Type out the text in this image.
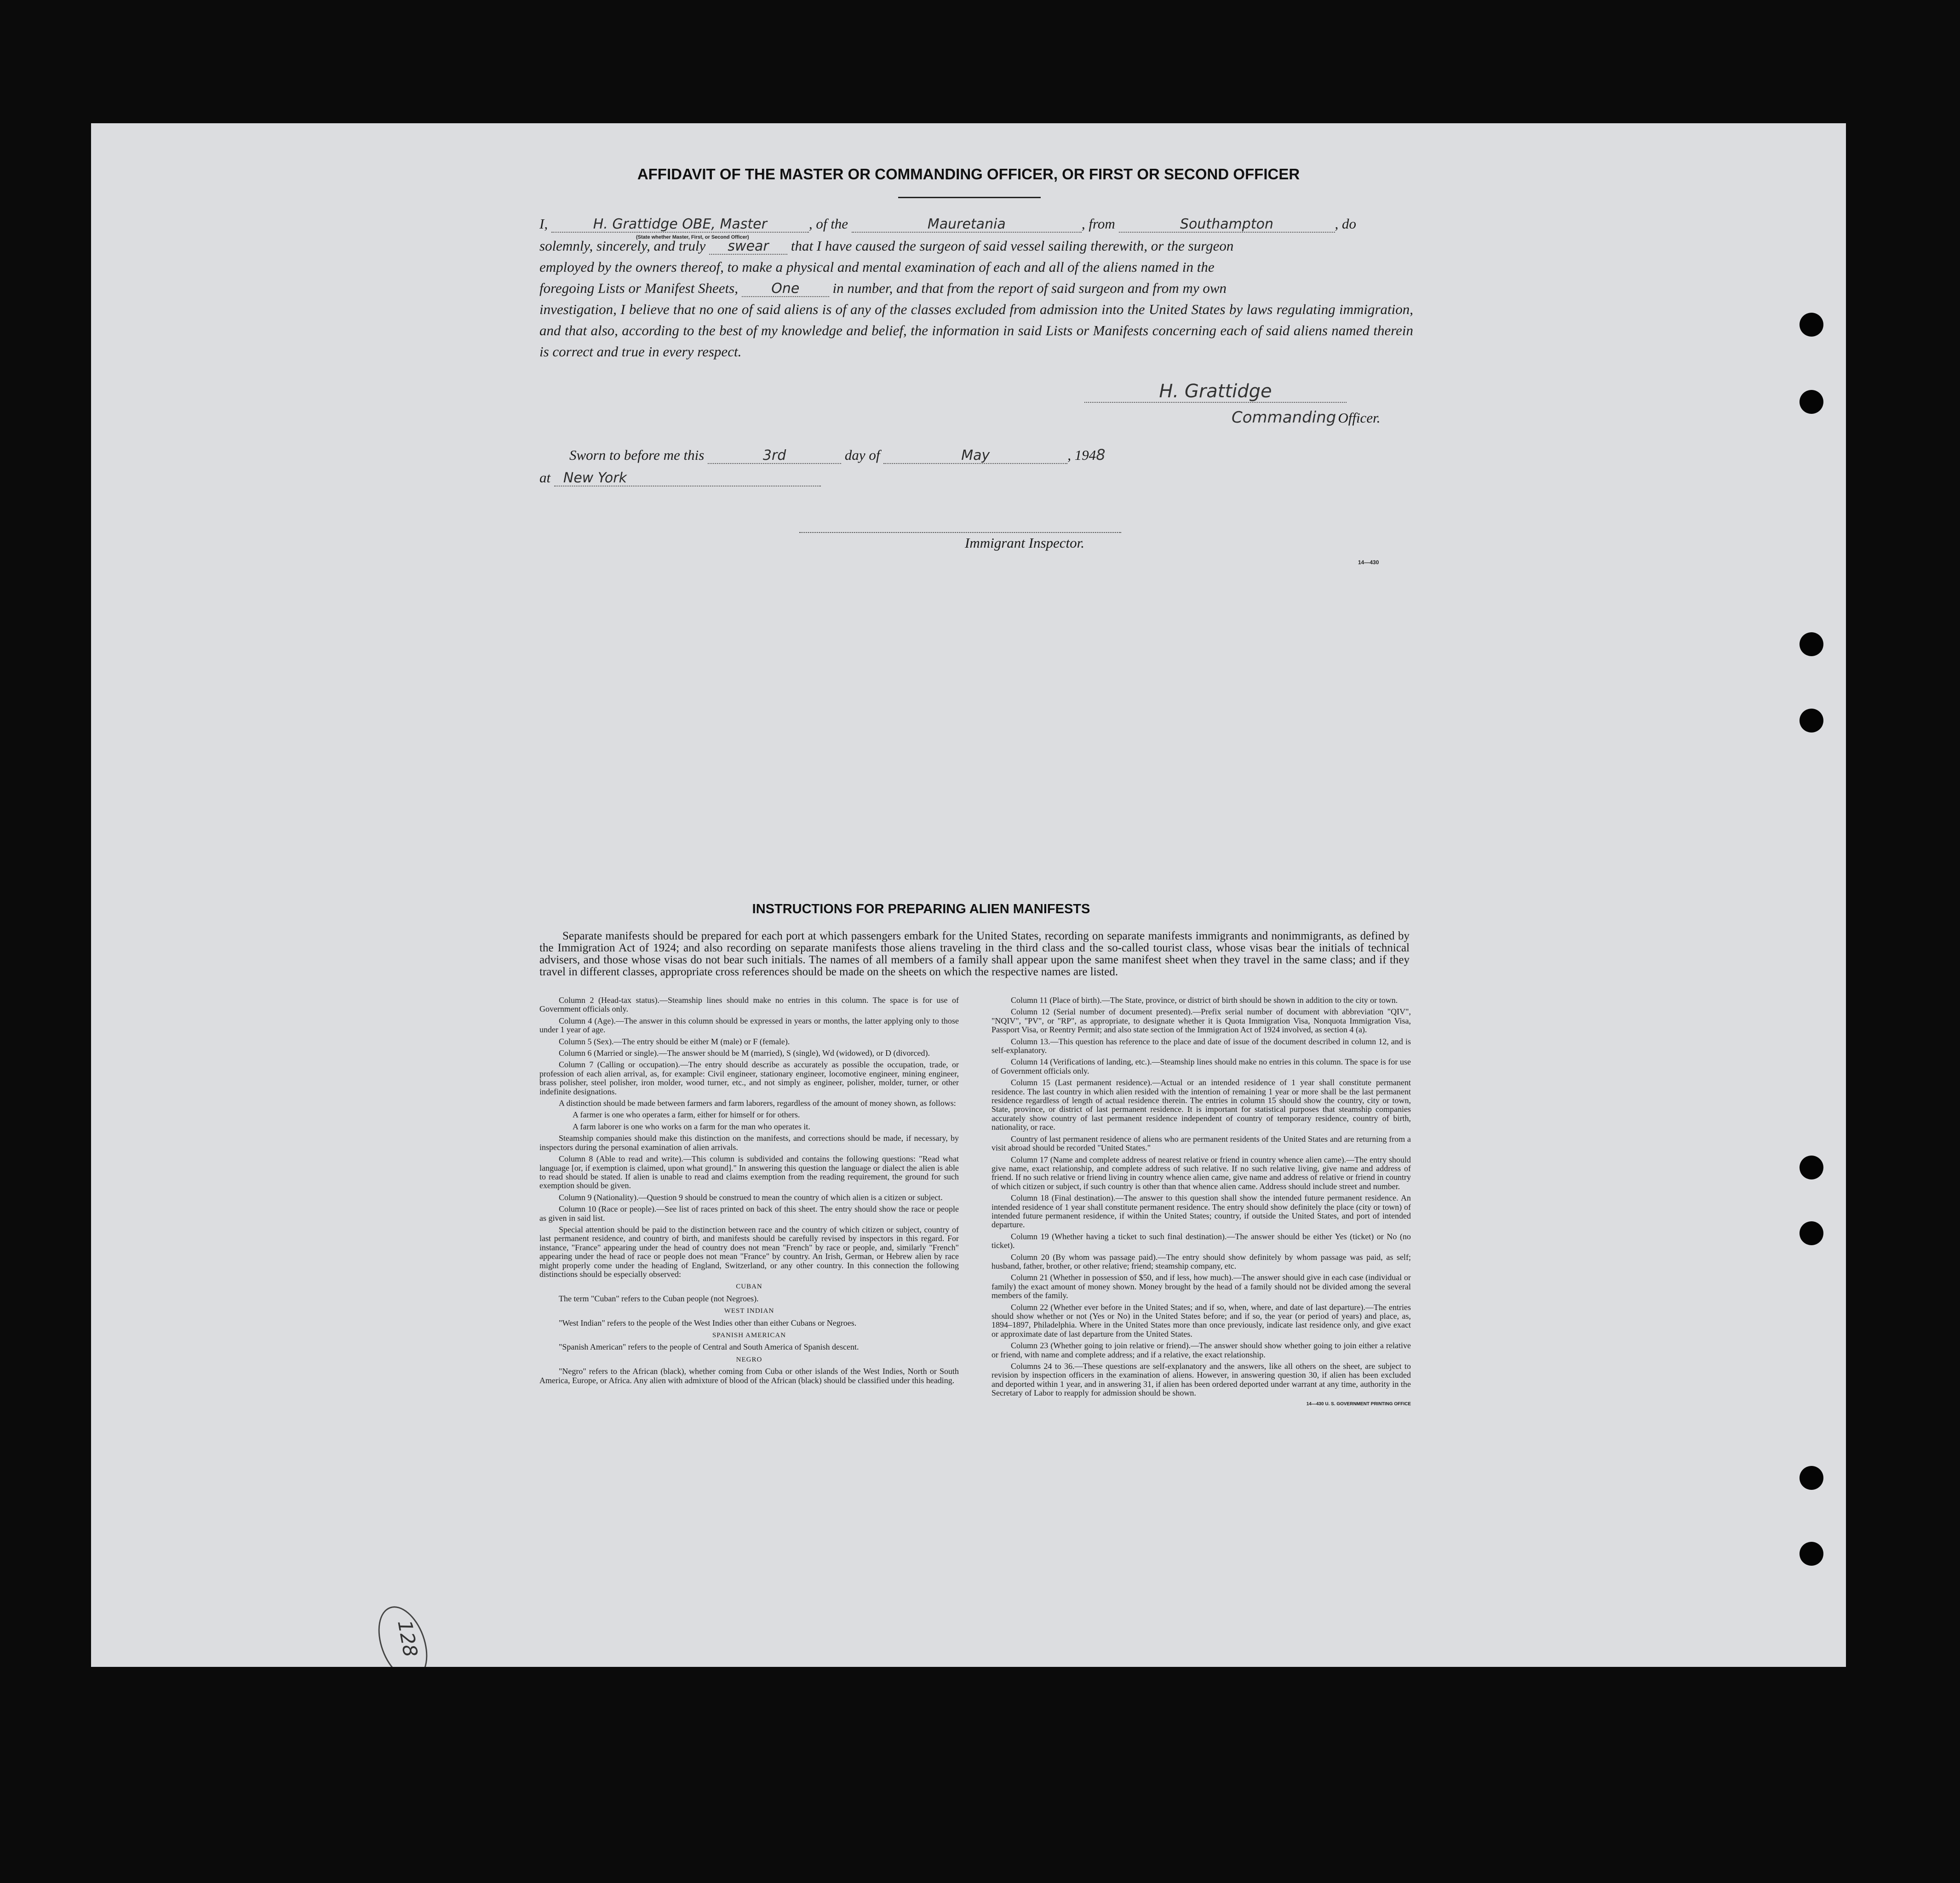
AFFIDAVIT OF THE MASTER OR COMMANDING OFFICER, OR FIRST OR SECOND OFFICER
I,	H. Grattidge OBE, Master	, of the	Mauretania	, from	Southampton	, do
(State whether Master, First, or Second Officer)
solemnly, sincerely, and truly swear that I have caused the surgeon of said vessel sailing therewith, or the surgeon
employed by the owners thereof, to make a physical and mental examination of each and all of the aliens named in the
foregoing Lists or Manifest Sheets, One in number, and that from the report of said surgeon and from my own
investigation, I believe that no one of said aliens is of any of the classes excluded from admission into the United States by laws regulating immigration, and that also, according to the best of my knowledge and belief, the information in said Lists or Manifests concerning each of said aliens named therein is correct and true in every respect.
H. Grattidge
Commanding Officer.
Sworn to before me this	3rd	day of	May	, 1948
at New York
Immigrant Inspector.
14—430
INSTRUCTIONS FOR PREPARING ALIEN MANIFESTS
Separate manifests should be prepared for each port at which passengers embark for the United States, recording on separate manifests immigrants and nonimmigrants, as defined by the Immigration Act of 1924; and also recording on separate manifests those aliens traveling in the third class and the so-called tourist class, whose visas bear the initials of technical advisers, and those whose visas do not bear such initials. The names of all members of a family shall appear upon the same manifest sheet when they travel in the same class; and if they travel in different classes, appropriate cross references should be made on the sheets on which the respective names are listed.

Column 2 (Head-tax status).—Steamship lines should make no entries in this column. The space is for use of Government officials only.

Column 4 (Age).—The answer in this column should be expressed in years or months, the latter applying only to those under 1 year of age.

Column 5 (Sex).—The entry should be either M (male) or F (female).

Column 6 (Married or single).—The answer should be M (married), S (single), Wd (widowed), or D (divorced).

Column 7 (Calling or occupation).—The entry should describe as accurately as possible the occupation, trade, or profession of each alien arrival, as, for example: Civil engineer, stationary engineer, locomotive engineer, mining engineer, brass polisher, steel polisher, iron molder, wood turner, etc., and not simply as engineer, polisher, molder, turner, or other indefinite designations.

A distinction should be made between farmers and farm laborers, regardless of the amount of money shown, as follows:

A farmer is one who operates a farm, either for himself or for others.

A farm laborer is one who works on a farm for the man who operates it.

Steamship companies should make this distinction on the manifests, and corrections should be made, if necessary, by inspectors during the personal examination of alien arrivals.

Column 8 (Able to read and write).—This column is subdivided and contains the following questions: "Read what language [or, if exemption is claimed, upon what ground]." In answering this question the language or dialect the alien is able to read should be stated. If alien is unable to read and claims exemption from the reading requirement, the ground for such exemption should be given.

Column 9 (Nationality).—Question 9 should be construed to mean the country of which alien is a citizen or subject.

Column 10 (Race or people).—See list of races printed on back of this sheet. The entry should show the race or people as given in said list.

Special attention should be paid to the distinction between race and the country of which citizen or subject, country of last permanent residence, and country of birth, and manifests should be carefully revised by inspectors in this regard. For instance, "France" appearing under the head of country does not mean "French" by race or people, and, similarly "French" appearing under the head of race or people does not mean "France" by country. An Irish, German, or Hebrew alien by race might properly come under the heading of England, Switzerland, or any other country. In this connection the following distinctions should be especially observed:

CUBAN

The term "Cuban" refers to the Cuban people (not Negroes).

WEST INDIAN

"West Indian" refers to the people of the West Indies other than either Cubans or Negroes.

SPANISH AMERICAN

"Spanish American" refers to the people of Central and South America of Spanish descent.

NEGRO

"Negro" refers to the African (black), whether coming from Cuba or other islands of the West Indies, North or South America, Europe, or Africa. Any alien with admixture of blood of the African (black) should be classified under this heading.

Column 11 (Place of birth).—The State, province, or district of birth should be shown in addition to the city or town.

Column 12 (Serial number of document presented).—Prefix serial number of document with abbreviation "QIV", "NQIV", "PV", or "RP", as appropriate, to designate whether it is Quota Immigration Visa, Nonquota Immigration Visa, Passport Visa, or Reentry Permit; and also state section of the Immigration Act of 1924 involved, as section 4 (a).

Column 13.—This question has reference to the place and date of issue of the document described in column 12, and is self-explanatory.

Column 14 (Verifications of landing, etc.).—Steamship lines should make no entries in this column. The space is for use of Government officials only.

Column 15 (Last permanent residence).—Actual or an intended residence of 1 year shall constitute permanent residence. The last country in which alien resided with the intention of remaining 1 year or more shall be the last permanent residence regardless of length of actual residence therein. The entries in column 15 should show the country, city or town, State, province, or district of last permanent residence. It is important for statistical purposes that steamship companies accurately show country of last permanent residence independent of country of temporary residence, country of birth, nationality, or race.

Country of last permanent residence of aliens who are permanent residents of the United States and are returning from a visit abroad should be recorded "United States."

Column 17 (Name and complete address of nearest relative or friend in country whence alien came).—The entry should give name, exact relationship, and complete address of such relative. If no such relative living, give name and address of friend. If no such relative or friend living in country whence alien came, give name and address of relative or friend in country of which citizen or subject, if such country is other than that whence alien came. Address should include street and number.

Column 18 (Final destination).—The answer to this question shall show the intended future permanent residence. An intended residence of 1 year shall constitute permanent residence. The entry should show definitely the place (city or town) of intended future permanent residence, if within the United States; country, if outside the United States, and port of intended departure.

Column 19 (Whether having a ticket to such final destination).—The answer should be either Yes (ticket) or No (no ticket).

Column 20 (By whom was passage paid).—The entry should show definitely by whom passage was paid, as self; husband, father, brother, or other relative; friend; steamship company, etc.

Column 21 (Whether in possession of $50, and if less, how much).—The answer should give in each case (individual or family) the exact amount of money shown. Money brought by the head of a family should not be divided among the several members of the family.

Column 22 (Whether ever before in the United States; and if so, when, where, and date of last departure).—The entries should show whether or not (Yes or No) in the United States before; and if so, the year (or period of years) and place, as, 1894–1897, Philadelphia. Where in the United States more than once previously, indicate last residence only, and give exact or approximate date of last departure from the United States.

Column 23 (Whether going to join relative or friend).—The answer should show whether going to join either a relative or friend, with name and complete address; and if a relative, the exact relationship.

Columns 24 to 36.—These questions are self-explanatory and the answers, like all others on the sheet, are subject to revision by inspection officers in the examination of aliens. However, in answering question 30, if alien has been excluded and deported within 1 year, and in answering 31, if alien has been ordered deported under warrant at any time, authority in the Secretary of Labor to reapply for admission should be shown.

14—430 U. S. GOVERNMENT PRINTING OFFICE
128
